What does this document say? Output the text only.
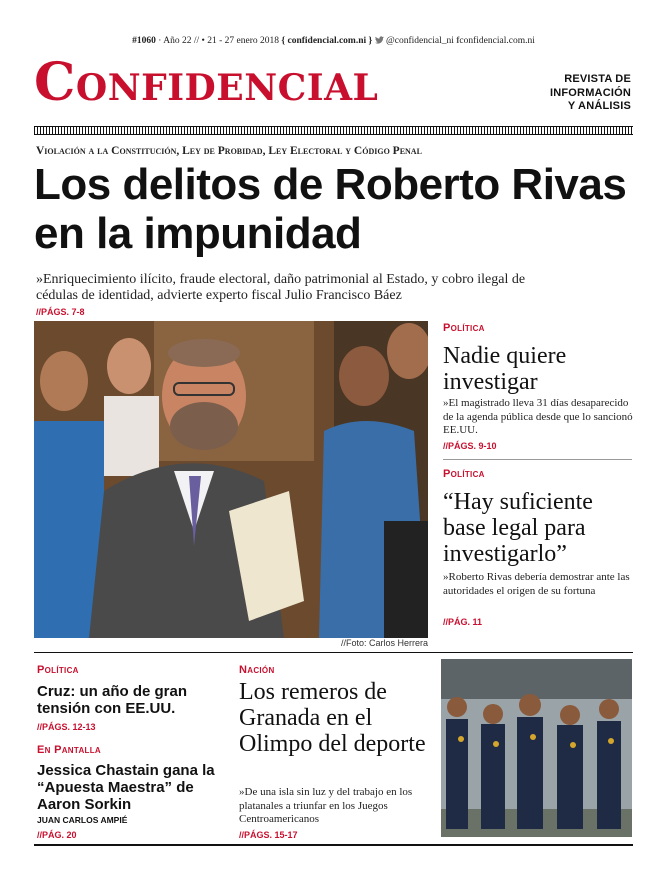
#1060 · Año 22 // • 21 - 27 enero 2018 { confidencial.com.ni } @confidencial_ni fconfidencial.com.ni
Confidencial	REVISTA DE
INFORMACIÓN
Y ANÁLISIS
Violación a la Constitución, Ley de Probidad, Ley Electoral y Código Penal
Los delitos de Roberto Rivas en la impunidad
»Enriquecimiento ilícito, fraude electoral, daño patrimonial al Estado, y cobro ilegal de cédulas de identidad, advierte experto fiscal Julio Francisco Báez
//PÁGS. 7-8
//Foto: Carlos Herrera
Política
Nadie quiere investigar
»El magistrado lleva 31 días desaparecido de la agenda pública desde que lo sancionó EE.UU.
//PÁGS. 9-10
Política
“Hay suficiente base legal para investigarlo”
»Roberto Rivas debería demostrar ante las autoridades el origen de su fortuna
//PÁG. 11
Política
Cruz: un año de gran tensión con EE.UU.
//PÁGS. 12-13
En Pantalla
Jessica Chastain gana la “Apuesta Maestra” de Aaron Sorkin
JUAN CARLOS AMPIÉ
//PÁG. 20
Nación
Los remeros de Granada en el Olimpo del deporte
»De una isla sin luz y del trabajo en los platanales a triunfar en los Juegos Centroamericanos
//PÁGS. 15-17
